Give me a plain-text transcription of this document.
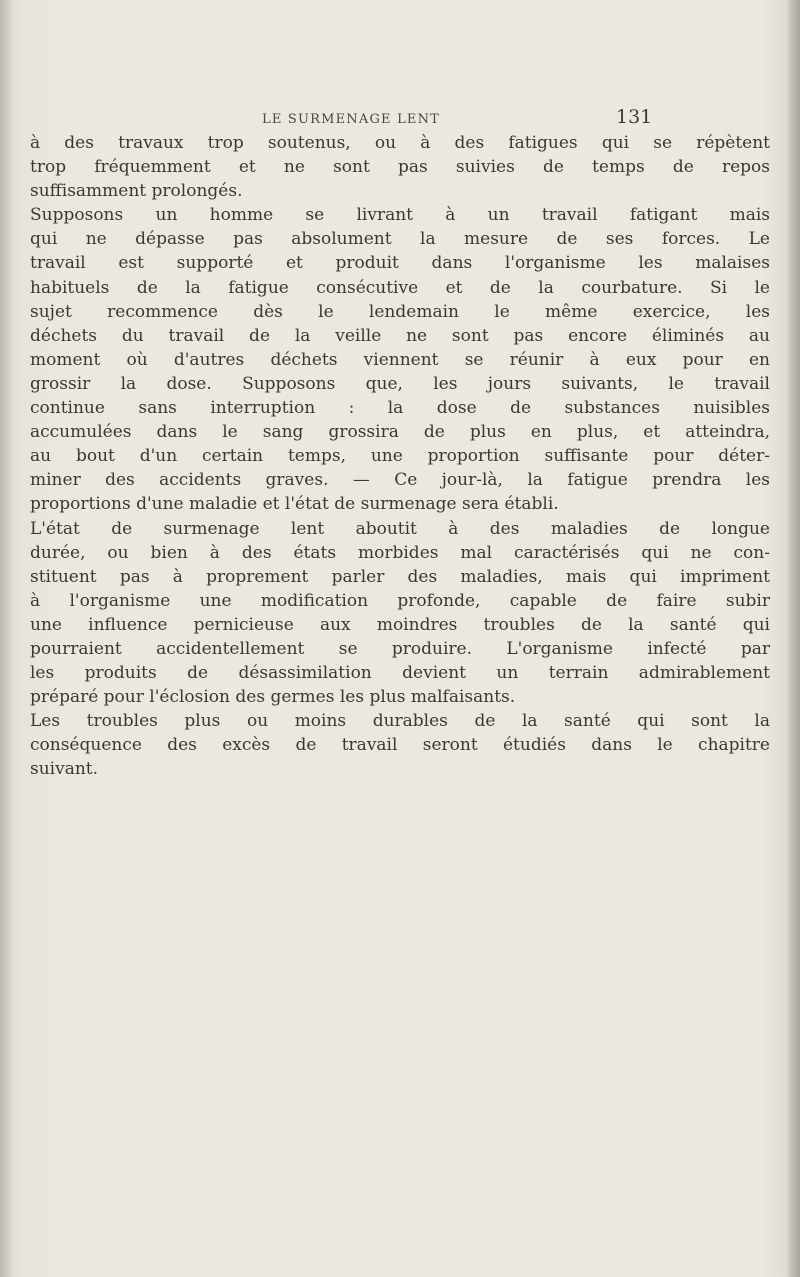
LE SURMENAGE LENT	131

à des travaux trop soutenus, ou à des fatigues qui se répètent
trop fréquemment et ne sont pas suivies de temps de repos
suffisamment prolongés.

Supposons un homme se livrant à un travail fatigant mais
qui ne dépasse pas absolument la mesure de ses forces. Le
travail est supporté et produit dans l'organisme les malaises
habituels de la fatigue consécutive et de la courbature. Si le
sujet recommence dès le lendemain le même exercice, les
déchets du travail de la veille ne sont pas encore éliminés au
moment où d'autres déchets viennent se réunir à eux pour en
grossir la dose. Supposons que, les jours suivants, le travail
continue sans interruption : la dose de substances nuisibles
accumulées dans le sang grossira de plus en plus, et atteindra,
au bout d'un certain temps, une proportion suffisante pour déter-
miner des accidents graves. — Ce jour-là, la fatigue prendra les
proportions d'une maladie et l'état de surmenage sera établi.

L'état de surmenage lent aboutit à des maladies de longue
durée, ou bien à des états morbides mal caractérisés qui ne con-
stituent pas à proprement parler des maladies, mais qui impriment
à l'organisme une modification profonde, capable de faire subir
une influence pernicieuse aux moindres troubles de la santé qui
pourraient accidentellement se produire. L'organisme infecté par
les produits de désassimilation devient un terrain admirablement
préparé pour l'éclosion des germes les plus malfaisants.

Les troubles plus ou moins durables de la santé qui sont la
conséquence des excès de travail seront étudiés dans le chapitre
suivant.
